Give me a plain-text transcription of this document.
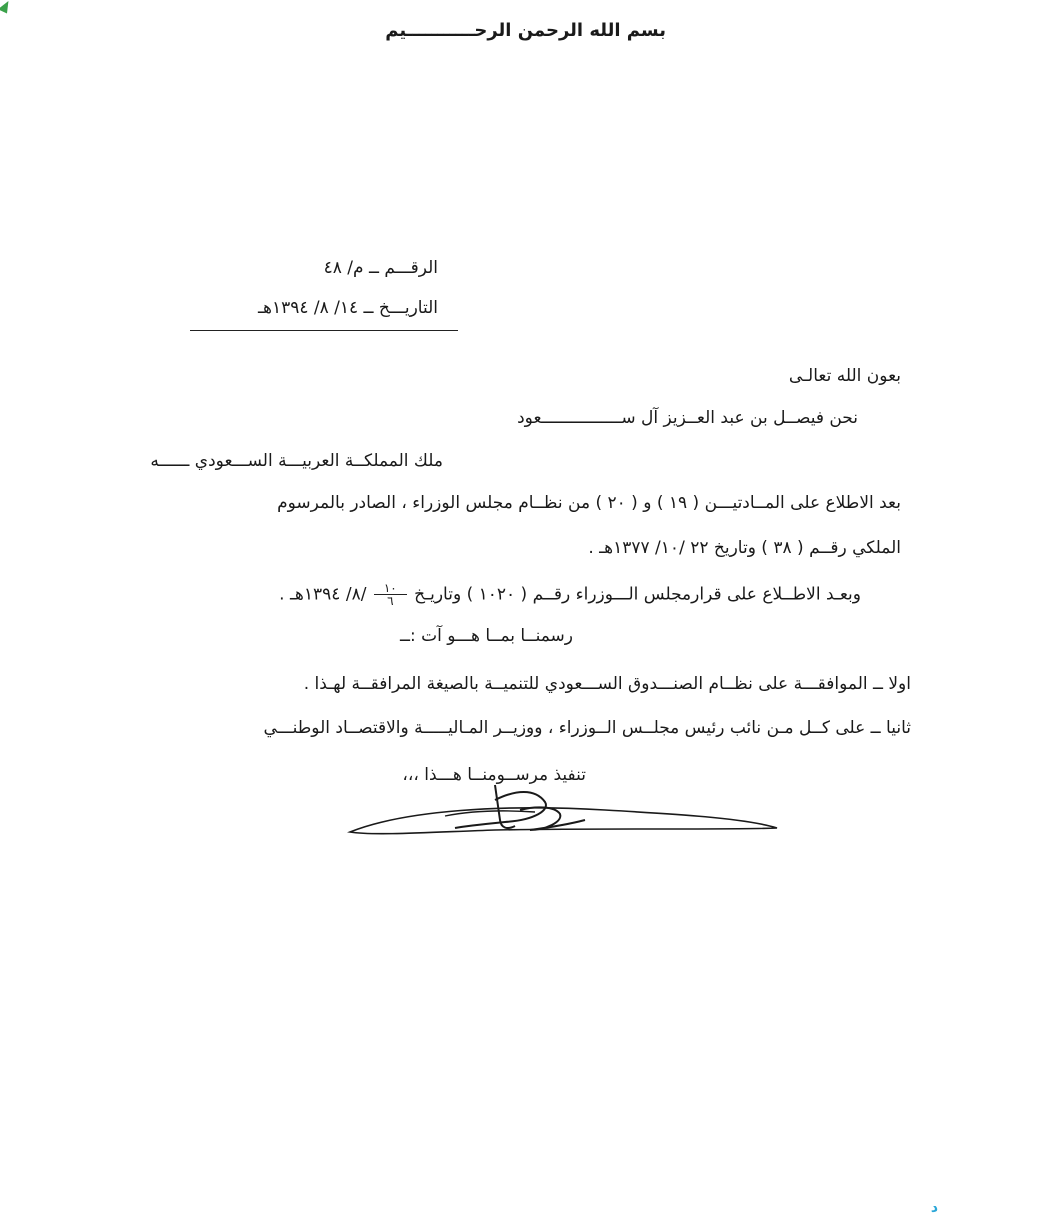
بسم الله الرحمن الرحـــــــــــيم
الرقـــم ــ م/ ٤٨
التاريـــخ ــ ١٤/ ٨/ ١٣٩٤هـ
بعون الله تعالـى
نحن فيصــل بن عبد العــزيز آل ســــــــــــــــعود
ملك المملكــة العربيـــة الســـعودي ــــــه
بعد الاطلاع على المــادتيـــن ( ١٩ ) و ( ٢٠ ) من نظــام مجلس الوزراء ، الصادر بالمرسوم
الملكي رقــم ( ٣٨ ) وتاريخ ٢٢ /١٠/ ١٣٧٧هـ .
وبعـد الاطــلاع على قرارمجلس الـــوزراء رقــم ( ١٠٢٠ ) وتاريـخ
$\frac{١٠}{٦}$
/٨/ ١٣٩٤هـ .
رسمنــا بمــا هـــو آت :ــ
اولا ــ الموافقـــة على نظــام الصنـــدوق الســـعودي للتنميــة بالصيغة المرافقــة لهـذا .
ثانيا ــ على كــل مـن نائب رئيس مجلــس الــوزراء ، ووزيــر المـاليـــــة والاقتصــاد الوطنـــي
تنفيذ مرســومنــا هـــذا ،،،
د
